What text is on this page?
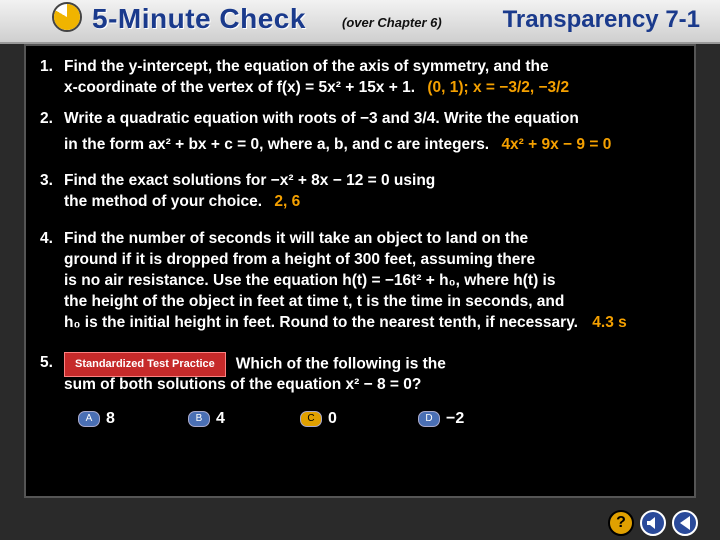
5-Minute Check	(over Chapter 6)	Transparency 7-1
1. Find the y-intercept, the equation of the axis of symmetry, and the
x-coordinate of the vertex of f(x) = 5x² + 15x + 1. (0, 1); x = −3/2, −3/2
2. Write a quadratic equation with roots of −3 and 3/4. Write the equation
in the form ax² + bx + c = 0, where a, b, and c are integers. 4x² + 9x − 9 = 0
3. Find the exact solutions for −x² + 8x − 12 = 0 using
the method of your choice. 2, 6
4. Find the number of seconds it will take an object to land on the
ground if it is dropped from a height of 300 feet, assuming there
is no air resistance. Use the equation h(t) = −16t² + h₀, where h(t) is
the height of the object in feet at time t, t is the time in seconds, and
h₀ is the initial height in feet. Round to the nearest tenth, if necessary. 4.3 s
5.	Standardized Test Practice Which of the following is the
sum of both solutions of the equation x² − 8 = 0?
A 8	B 4	C 0	D −2
?
